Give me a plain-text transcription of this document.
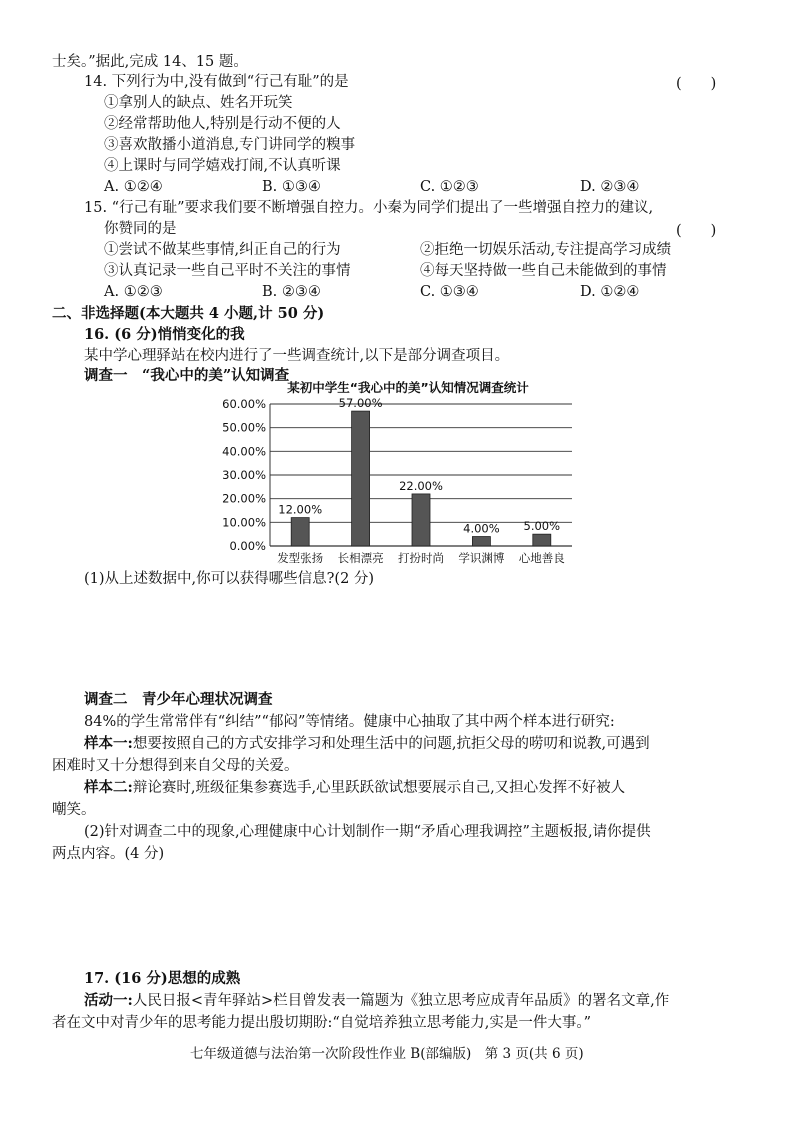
士矣。”据此,完成 14、15 题。
14. 下列行为中,没有做到“行己有耻”的是	(　　)
①拿别人的缺点、姓名开玩笑
②经常帮助他人,特别是行动不便的人
③喜欢散播小道消息,专门讲同学的糗事
④上课时与同学嬉戏打闹,不认真听课
A. ①②④	B. ①③④	C. ①②③	D. ②③④
15. “行己有耻”要求我们要不断增强自控力。小秦为同学们提出了一些增强自控力的建议,
你赞同的是	(　　)
①尝试不做某些事情,纠正自己的行为	②拒绝一切娱乐活动,专注提高学习成绩
③认真记录一些自己平时不关注的事情	④每天坚持做一些自己未能做到的事情
A. ①②③	B. ②③④	C. ①③④	D. ①②④
二、非选择题(本大题共 4 小题,计 50 分)
16. (6 分)悄悄变化的我
某中学心理驿站在校内进行了一些调查统计,以下是部分调查项目。
调查一　“我心中的美”认知调查
0.00%
10.00%
20.00%
30.00%
40.00%
50.00%
60.00%
12.00%
57.00%
22.00%
4.00% 5.00%
发型张扬 长相漂亮 打扮时尚 学识渊博 心地善良
某初中学生“我心中的美”认知情况调查统计
(1)从上述数据中,你可以获得哪些信息?(2 分)
调查二　青少年心理状况调查
84%的学生常常伴有“纠结”“郁闷”等情绪。健康中心抽取了其中两个样本进行研究:
样本一:想要按照自己的方式安排学习和处理生活中的问题,抗拒父母的唠叨和说教,可遇到
困难时又十分想得到来自父母的关爱。
样本二:辩论赛时,班级征集参赛选手,心里跃跃欲试想要展示自己,又担心发挥不好被人
嘲笑。
(2)针对调查二中的现象,心理健康中心计划制作一期“矛盾心理我调控”主题板报,请你提供
两点内容。(4 分)
17. (16 分)思想的成熟
活动一:人民日报<青年驿站>栏目曾发表一篇题为《独立思考应成青年品质》的署名文章,作
者在文中对青少年的思考能力提出殷切期盼:“自觉培养独立思考能力,实是一件大事。”
七年级道德与法治第一次阶段性作业 B(部编版)　第 3 页(共 6 页)
